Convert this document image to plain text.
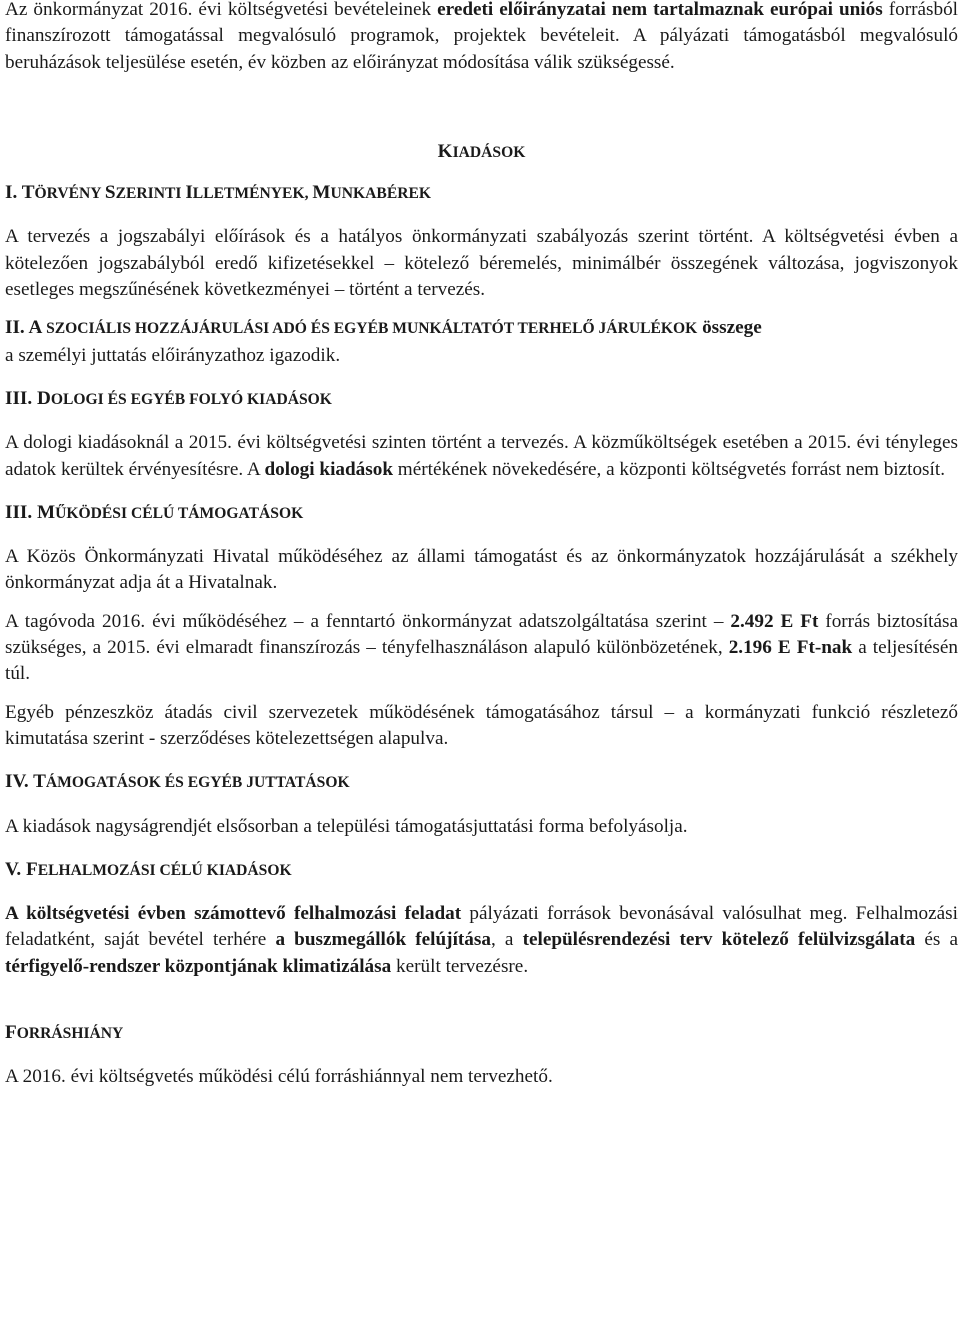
Az önkormányzat 2016. évi költségvetési bevételeinek eredeti előirányzatai nem tartalmaznak európai uniós forrásból finanszírozott támogatással megvalósuló programok, projektek bevételeit. A pályázati támogatásból megvalósuló beruházások teljesülése esetén, év közben az előirányzat módosítása válik szükségessé.

KIADÁSOK

I. TÖRVÉNY SZERINTI ILLETMÉNYEK, MUNKABÉREK

A tervezés a jogszabályi előírások és a hatályos önkormányzati szabályozás szerint történt. A költségvetési évben a kötelezően jogszabályból eredő kifizetésekkel – kötelező béremelés, minimálbér összegének változása, jogviszonyok esetleges megszűnésének következményei – történt a tervezés.

II. A SZOCIÁLIS HOZZÁJÁRULÁSI ADÓ ÉS EGYÉB MUNKÁLTATÓT TERHELŐ JÁRULÉKOK összege
a személyi juttatás előirányzathoz igazodik.

III. DOLOGI ÉS EGYÉB FOLYÓ KIADÁSOK

A dologi kiadásoknál a 2015. évi költségvetési szinten történt a tervezés. A közműköltségek esetében a 2015. évi tényleges adatok kerültek érvényesítésre. A dologi kiadások mértékének növekedésére, a központi költségvetés forrást nem biztosít.

III. MŰKÖDÉSI CÉLÚ TÁMOGATÁSOK

A Közös Önkormányzati Hivatal működéséhez az állami támogatást és az önkormányzatok hozzájárulását a székhely önkormányzat adja át a Hivatalnak.

A tagóvoda 2016. évi működéséhez – a fenntartó önkormányzat adatszolgáltatása szerint – 2.492 E Ft forrás biztosítása szükséges, a 2015. évi elmaradt finanszírozás – tényfelhasználáson alapuló különbözetének, 2.196 E Ft-nak a teljesítésén túl.

Egyéb pénzeszköz átadás civil szervezetek működésének támogatásához társul – a kormányzati funkció részletező kimutatása szerint - szerződéses kötelezettségen alapulva.

IV. TÁMOGATÁSOK ÉS EGYÉB JUTTATÁSOK

A kiadások nagyságrendjét elsősorban a települési támogatásjuttatási forma befolyásolja.

V. FELHALMOZÁSI CÉLÚ KIADÁSOK

A költségvetési évben számottevő felhalmozási feladat pályázati források bevonásával valósulhat meg. Felhalmozási feladatként, saját bevétel terhére a buszmegállók felújítása, a településrendezési terv kötelező felülvizsgálata és a térfigyelő-rendszer központjának klimatizálása került tervezésre.

FORRÁSHIÁNY

A 2016. évi költségvetés működési célú forráshiánnyal nem tervezhető.
